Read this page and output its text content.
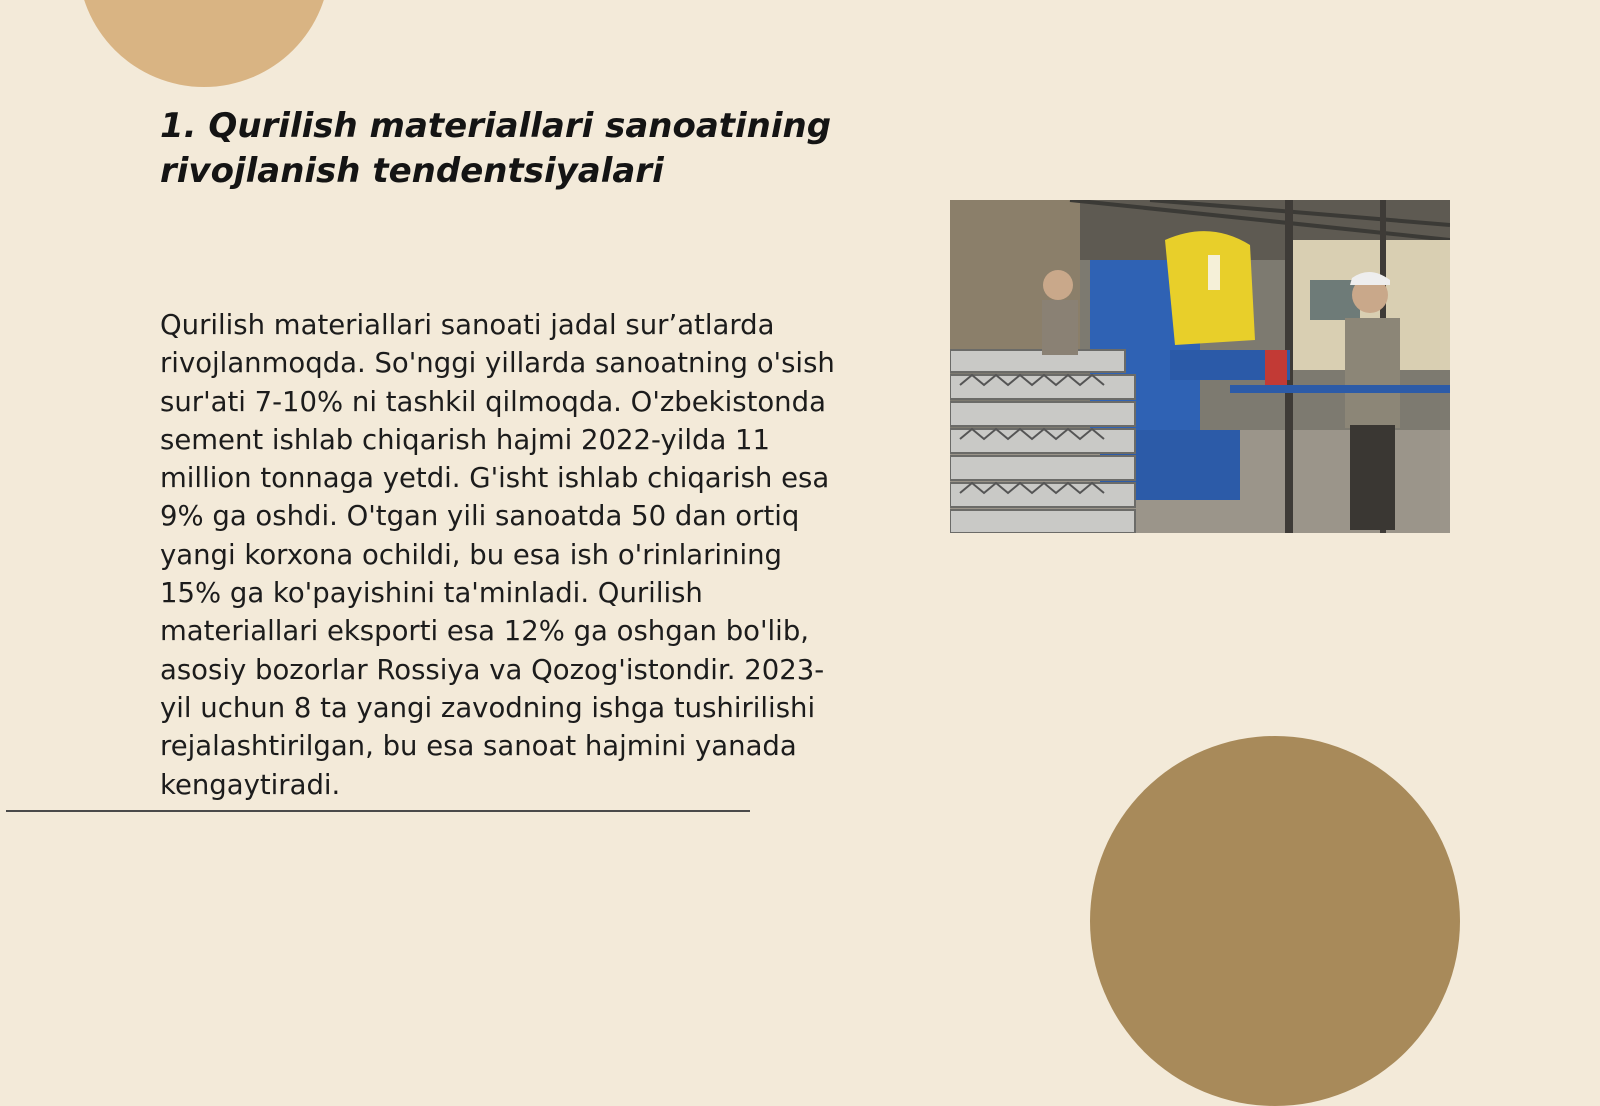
1. Qurilish materiallari sanoatining rivojlanish tendentsiyalari

Qurilish materiallari sanoati jadal sur’atlarda rivojlanmoqda. So'nggi yillarda sanoatning o'sish sur'ati 7-10% ni tashkil qilmoqda. O'zbekistonda sement ishlab chiqarish hajmi 2022-yilda 11 million tonnaga yetdi. G'isht ishlab chiqarish esa 9% ga oshdi. O'tgan yili sanoatda 50 dan ortiq yangi korxona ochildi, bu esa ish o'rinlarining 15% ga ko'payishini ta'minladi. Qurilish materiallari eksporti esa 12% ga oshgan bo'lib, asosiy bozorlar Rossiya va Qozog'istondir. 2023-yil uchun 8 ta yangi zavodning ishga tushirilishi rejalashtirilgan, bu esa sanoat hajmini yanada kengaytiradi.
